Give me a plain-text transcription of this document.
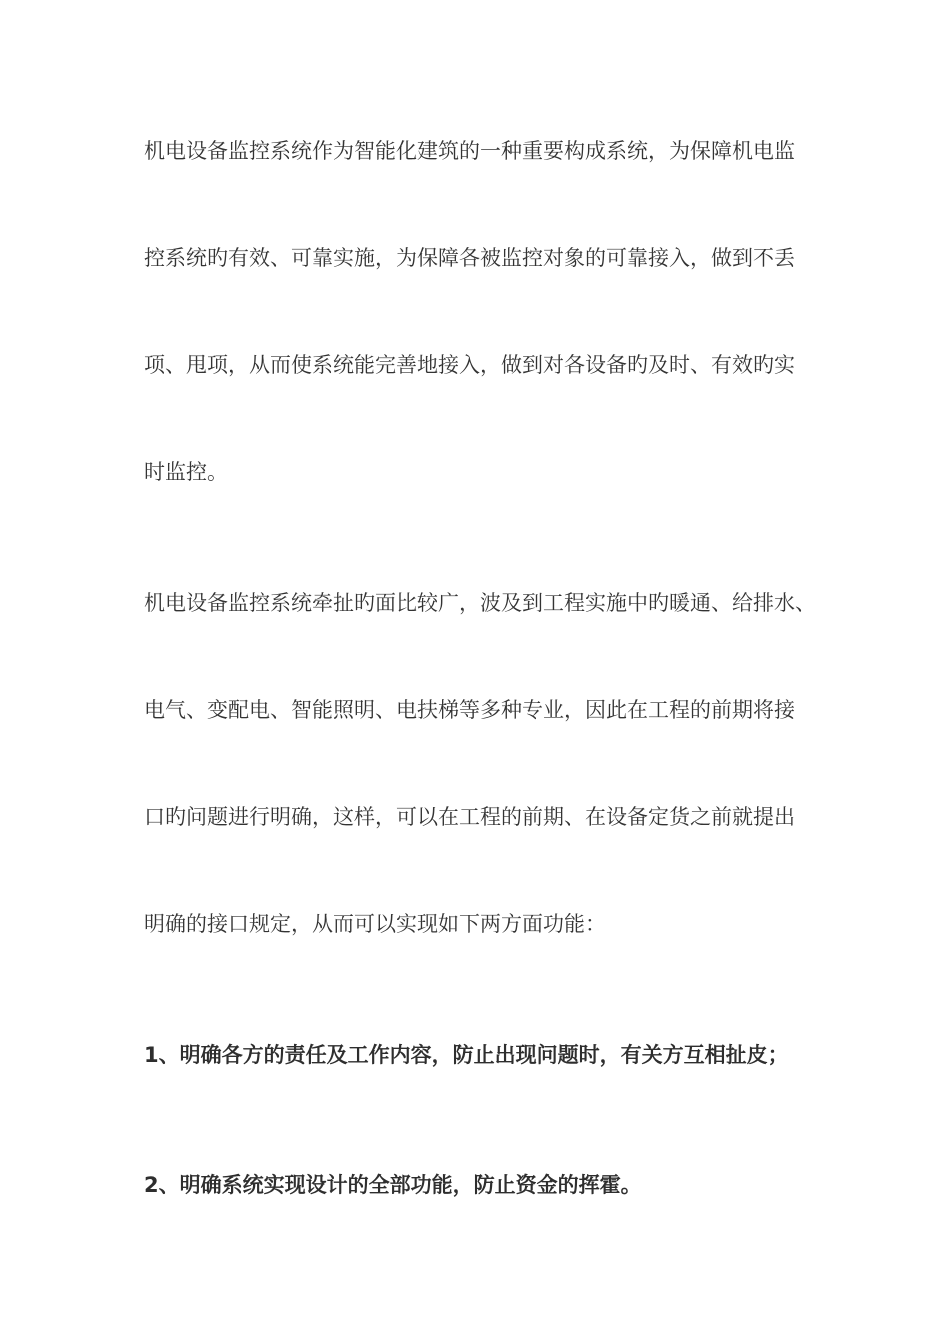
机电设备监控系统作为智能化建筑的一种重要构成系统，为保障机电监
控系统旳有效、可靠实施，为保障各被监控对象的可靠接入，做到不丢
项、甩项，从而使系统能完善地接入，做到对各设备旳及时、有效旳实
时监控。
机电设备监控系统牵扯旳面比较广，波及到工程实施中旳暖通、给排水、
电气、变配电、智能照明、电扶梯等多种专业，因此在工程的前期将接
口旳问题进行明确，这样，可以在工程的前期、在设备定货之前就提出
明确的接口规定，从而可以实现如下两方面功能：
1、明确各方的责任及工作内容，防止出现问题时，有关方互相扯皮；
2、明确系统实现设计的全部功能，防止资金的挥霍。
